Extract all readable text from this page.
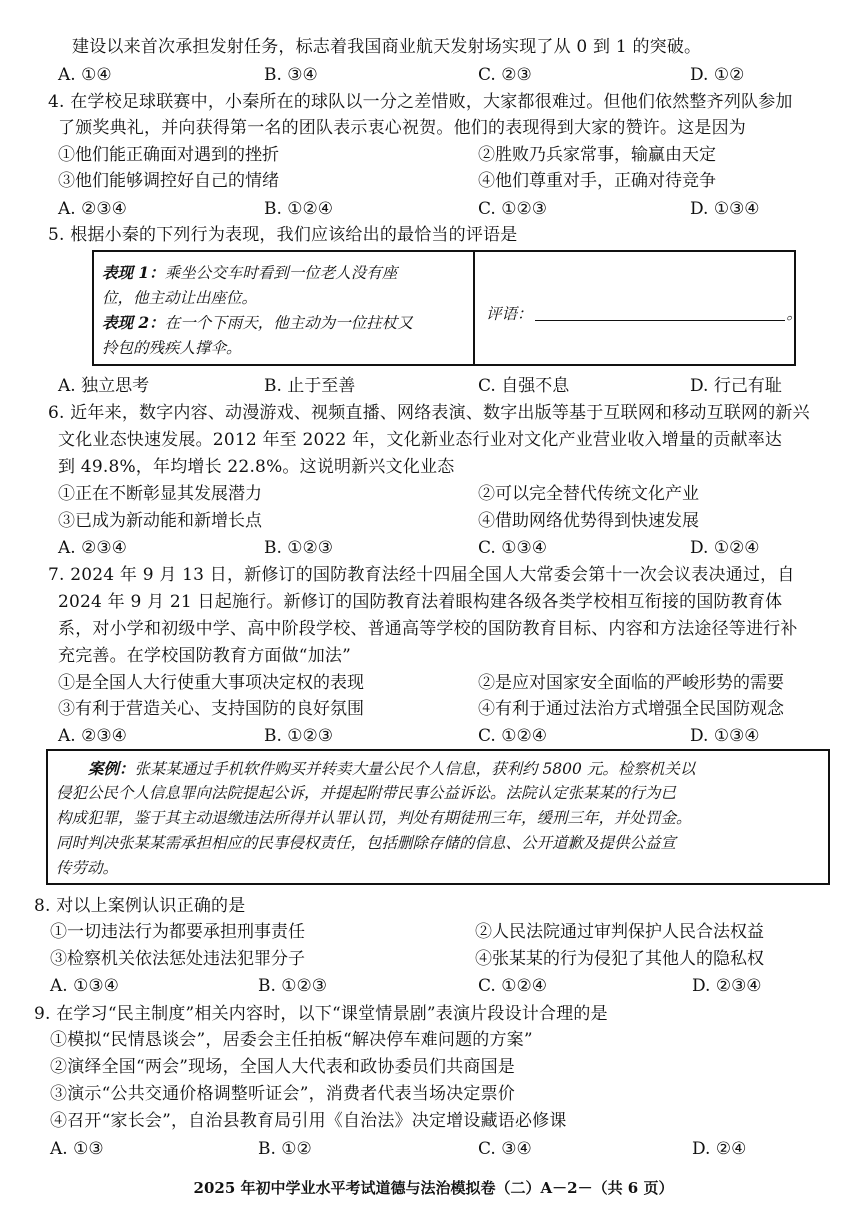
建设以来首次承担发射任务，标志着我国商业航天发射场实现了从 0 到 1 的突破。
A. ①④	B. ③④	C. ②③	D. ①②
4. 在学校足球联赛中，小秦所在的球队以一分之差惜败，大家都很难过。但他们依然整齐列队参加
了颁奖典礼，并向获得第一名的团队表示衷心祝贺。他们的表现得到大家的赞许。这是因为
①他们能正确面对遇到的挫折	②胜败乃兵家常事，输赢由天定
③他们能够调控好自己的情绪	④他们尊重对手，正确对待竞争
A. ②③④	B. ①②④	C. ①②③	D. ①③④
5. 根据小秦的下列行为表现，我们应该给出的最恰当的评语是
表现 1：乘坐公交车时看到一位老人没有座
位，他主动让出座位。
表现 2：在一个下雨天，他主动为一位拄杖又
拎包的残疾人撑伞。
评语：	。
A. 独立思考	B. 止于至善	C. 自强不息	D. 行己有耻
6. 近年来，数字内容、动漫游戏、视频直播、网络表演、数字出版等基于互联网和移动互联网的新兴
文化业态快速发展。2012 年至 2022 年，文化新业态行业对文化产业营业收入增量的贡献率达
到 49.8%，年均增长 22.8%。这说明新兴文化业态
①正在不断彰显其发展潜力	②可以完全替代传统文化产业
③已成为新动能和新增长点	④借助网络优势得到快速发展
A. ②③④	B. ①②③	C. ①③④	D. ①②④
7. 2024 年 9 月 13 日，新修订的国防教育法经十四届全国人大常委会第十一次会议表决通过，自
2024 年 9 月 21 日起施行。新修订的国防教育法着眼构建各级各类学校相互衔接的国防教育体
系，对小学和初级中学、高中阶段学校、普通高等学校的国防教育目标、内容和方法途径等进行补
充完善。在学校国防教育方面做“加法”
①是全国人大行使重大事项决定权的表现	②是应对国家安全面临的严峻形势的需要
③有利于营造关心、支持国防的良好氛围	④有利于通过法治方式增强全民国防观念
A. ②③④	B. ①②③	C. ①②④	D. ①③④
案例：张某某通过手机软件购买并转卖大量公民个人信息，获利约 5800 元。检察机关以
侵犯公民个人信息罪向法院提起公诉，并提起附带民事公益诉讼。法院认定张某某的行为已
构成犯罪，鉴于其主动退缴违法所得并认罪认罚，判处有期徒刑三年，缓刑三年，并处罚金。
同时判决张某某需承担相应的民事侵权责任，包括删除存储的信息、公开道歉及提供公益宣
传劳动。
8. 对以上案例认识正确的是
①一切违法行为都要承担刑事责任	②人民法院通过审判保护人民合法权益
③检察机关依法惩处违法犯罪分子	④张某某的行为侵犯了其他人的隐私权
A. ①③④	B. ①②③	C. ①②④	D. ②③④
9. 在学习“民主制度”相关内容时，以下“课堂情景剧”表演片段设计合理的是
①模拟“民情恳谈会”，居委会主任拍板“解决停车难问题的方案”
②演绎全国“两会”现场，全国人大代表和政协委员们共商国是
③演示“公共交通价格调整听证会”，消费者代表当场决定票价
④召开“家长会”，自治县教育局引用《自治法》决定增设藏语必修课
A. ①③	B. ①②	C. ③④	D. ②④
2025 年初中学业水平考试道德与法治模拟卷（二）A－2－（共 6 页）
